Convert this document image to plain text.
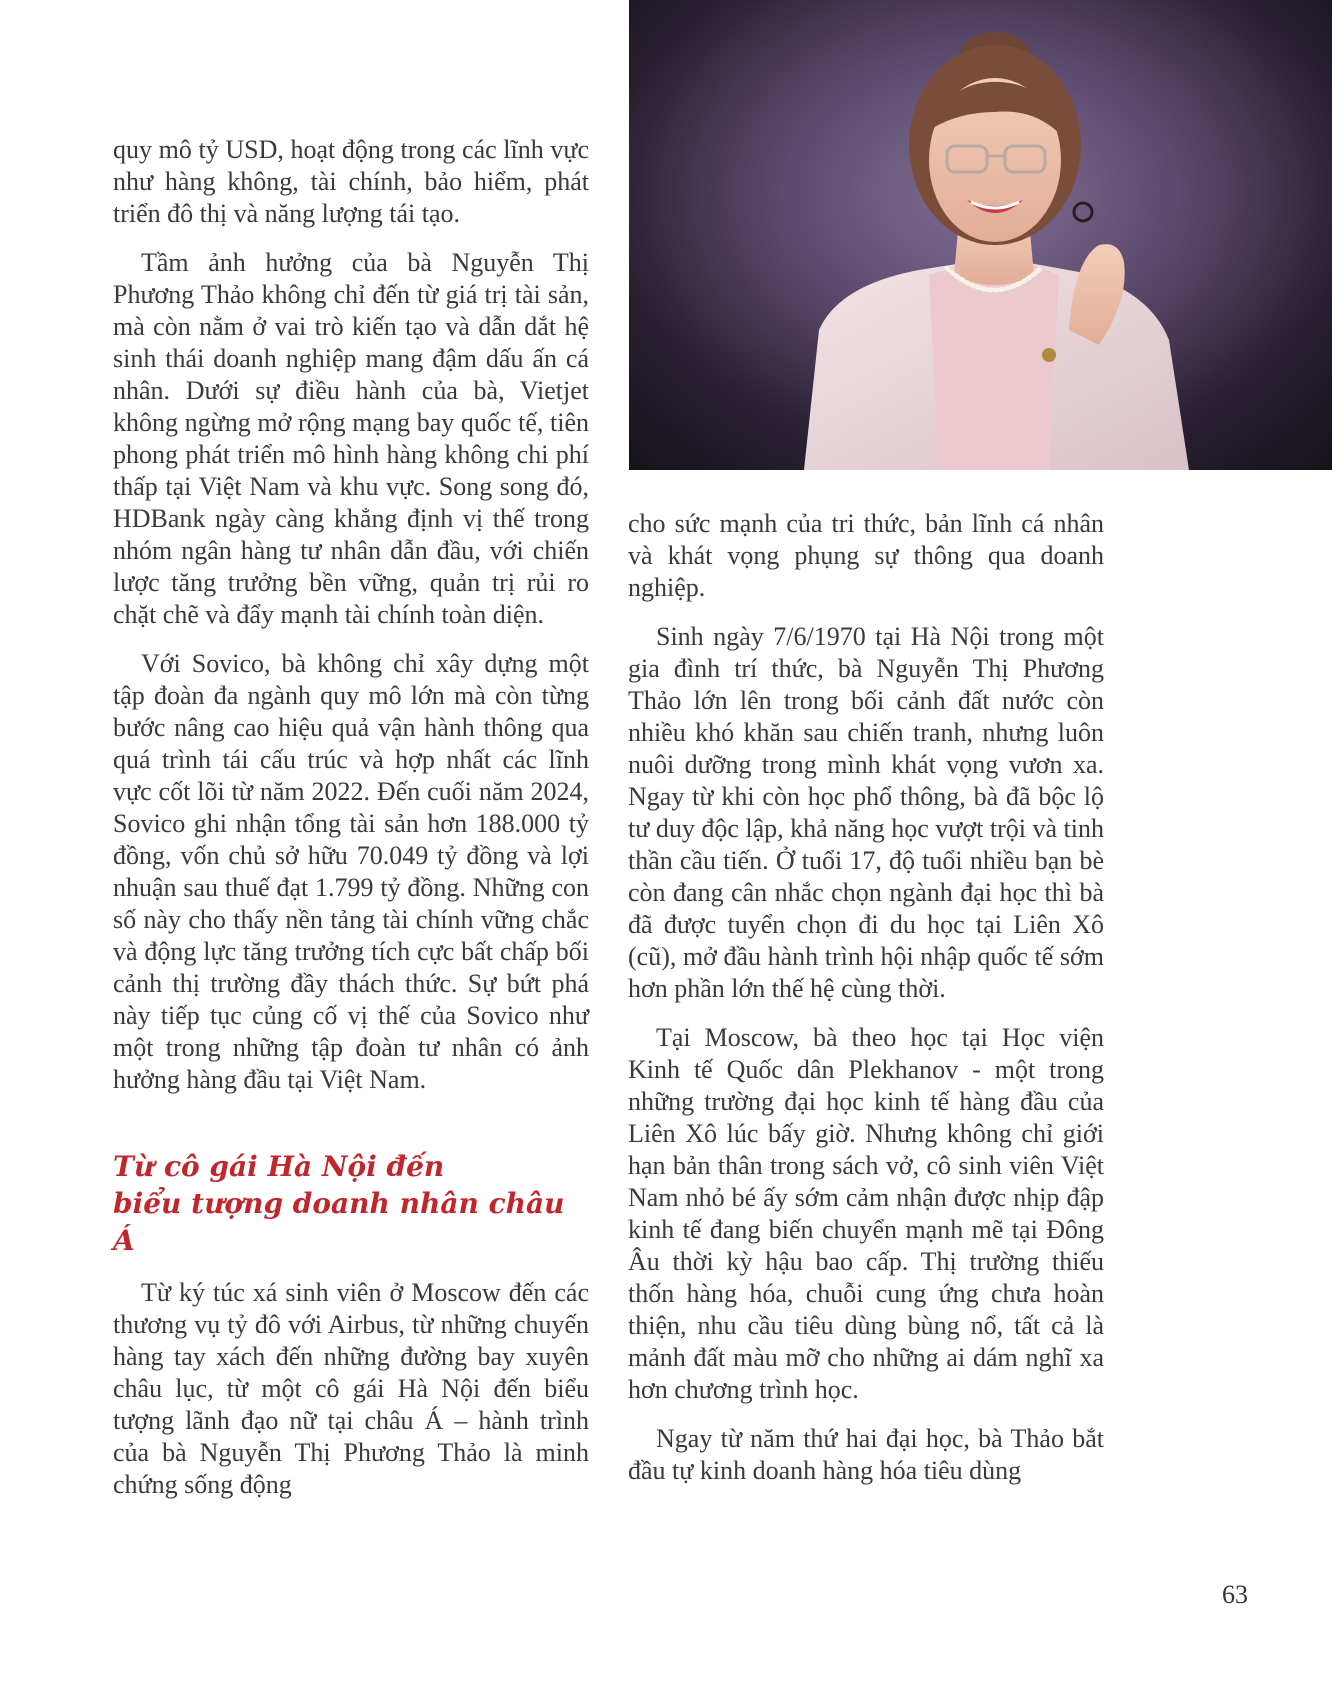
quy mô tỷ USD, hoạt động trong các lĩnh vực như hàng không, tài chính, bảo hiểm, phát triển đô thị và năng lượng tái tạo.

Tầm ảnh hưởng của bà Nguyễn Thị Phương Thảo không chỉ đến từ giá trị tài sản, mà còn nằm ở vai trò kiến tạo và dẫn dắt hệ sinh thái doanh nghiệp mang đậm dấu ấn cá nhân. Dưới sự điều hành của bà, Vietjet không ngừng mở rộng mạng bay quốc tế, tiên phong phát triển mô hình hàng không chi phí thấp tại Việt Nam và khu vực. Song song đó, HDBank ngày càng khẳng định vị thế trong nhóm ngân hàng tư nhân dẫn đầu, với chiến lược tăng trưởng bền vững, quản trị rủi ro chặt chẽ và đẩy mạnh tài chính toàn diện.

Với Sovico, bà không chỉ xây dựng một tập đoàn đa ngành quy mô lớn mà còn từng bước nâng cao hiệu quả vận hành thông qua quá trình tái cấu trúc và hợp nhất các lĩnh vực cốt lõi từ năm 2022. Đến cuối năm 2024, Sovico ghi nhận tổng tài sản hơn 188.000 tỷ đồng, vốn chủ sở hữu 70.049 tỷ đồng và lợi nhuận sau thuế đạt 1.799 tỷ đồng. Những con số này cho thấy nền tảng tài chính vững chắc và động lực tăng trưởng tích cực bất chấp bối cảnh thị trường đầy thách thức. Sự bứt phá này tiếp tục củng cố vị thế của Sovico như một trong những tập đoàn tư nhân có ảnh hưởng hàng đầu tại Việt Nam.

Từ cô gái Hà Nội đến
biểu tượng doanh nhân châu Á

Từ ký túc xá sinh viên ở Moscow đến các thương vụ tỷ đô với Airbus, từ những chuyến hàng tay xách đến những đường bay xuyên châu lục, từ một cô gái Hà Nội đến biểu tượng lãnh đạo nữ tại châu Á – hành trình của bà Nguyễn Thị Phương Thảo là minh chứng sống động

cho sức mạnh của tri thức, bản lĩnh cá nhân và khát vọng phụng sự thông qua doanh nghiệp.

Sinh ngày 7/6/1970 tại Hà Nội trong một gia đình trí thức, bà Nguyễn Thị Phương Thảo lớn lên trong bối cảnh đất nước còn nhiều khó khăn sau chiến tranh, nhưng luôn nuôi dưỡng trong mình khát vọng vươn xa. Ngay từ khi còn học phổ thông, bà đã bộc lộ tư duy độc lập, khả năng học vượt trội và tinh thần cầu tiến. Ở tuổi 17, độ tuổi nhiều bạn bè còn đang cân nhắc chọn ngành đại học thì bà đã được tuyển chọn đi du học tại Liên Xô (cũ), mở đầu hành trình hội nhập quốc tế sớm hơn phần lớn thế hệ cùng thời.

Tại Moscow, bà theo học tại Học viện Kinh tế Quốc dân Plekhanov - một trong những trường đại học kinh tế hàng đầu của Liên Xô lúc bấy giờ. Nhưng không chỉ giới hạn bản thân trong sách vở, cô sinh viên Việt Nam nhỏ bé ấy sớm cảm nhận được nhịp đập kinh tế đang biến chuyển mạnh mẽ tại Đông Âu thời kỳ hậu bao cấp. Thị trường thiếu thốn hàng hóa, chuỗi cung ứng chưa hoàn thiện, nhu cầu tiêu dùng bùng nổ, tất cả là mảnh đất màu mỡ cho những ai dám nghĩ xa hơn chương trình học.

Ngay từ năm thứ hai đại học, bà Thảo bắt đầu tự kinh doanh hàng hóa tiêu dùng

63
